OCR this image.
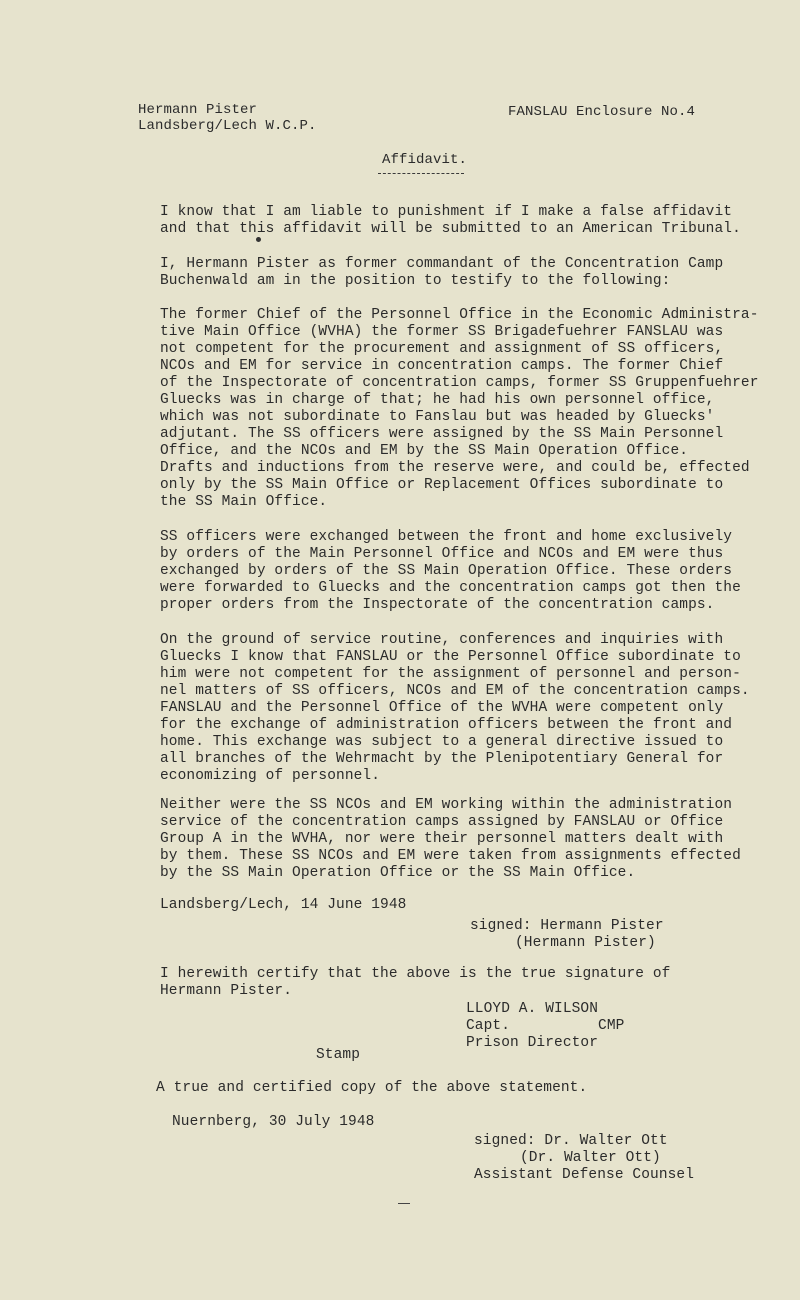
Hermann Pister
Landsberg/Lech W.C.P.
FANSLAU Enclosure No.4
Affidavit.
I know that I am liable to punishment if I make a false affidavit
and that this affidavit will be submitted to an American Tribunal.
I, Hermann Pister as former commandant of the Concentration Camp
Buchenwald am in the position to testify to the following:
The former Chief of the Personnel Office in the Economic Administra-
tive Main Office (WVHA) the former SS Brigadefuehrer FANSLAU was
not competent for the procurement and assignment of SS officers,
NCOs and EM for service in concentration camps. The former Chief
of the Inspectorate of concentration camps, former SS Gruppenfuehrer
Gluecks was in charge of that; he had his own personnel office,
which was not subordinate to Fanslau but was headed by Gluecks'
adjutant. The SS officers were assigned by the SS Main Personnel
Office, and the NCOs and EM by the SS Main Operation Office.
Drafts and inductions from the reserve were, and could be, effected
only by the SS Main Office or Replacement Offices subordinate to
the SS Main Office.
SS officers were exchanged between the front and home exclusively
by orders of the Main Personnel Office and NCOs and EM were thus
exchanged by orders of the SS Main Operation Office. These orders
were forwarded to Gluecks and the concentration camps got then the
proper orders from the Inspectorate of the concentration camps.
On the ground of service routine, conferences and inquiries with
Gluecks I know that FANSLAU or the Personnel Office subordinate to
him were not competent for the assignment of personnel and person-
nel matters of SS officers, NCOs and EM of the concentration camps.
FANSLAU and the Personnel Office of the WVHA were competent only
for the exchange of administration officers between the front and
home. This exchange was subject to a general directive issued to
all branches of the Wehrmacht by the Plenipotentiary General for
economizing of personnel.
Neither were the SS NCOs and EM working within the administration
service of the concentration camps assigned by FANSLAU or Office
Group A in the WVHA, nor were their personnel matters dealt with
by them. These SS NCOs and EM were taken from assignments effected
by the SS Main Operation Office or the SS Main Office.
Landsberg/Lech, 14 June 1948
signed: Hermann Pister
(Hermann Pister)
I herewith certify that the above is the true signature of
Hermann Pister.
LLOYD A. WILSON
Capt.          CMP
Prison Director
Stamp
A true and certified copy of the above statement.
Nuernberg, 30 July 1948
signed: Dr. Walter Ott
(Dr. Walter Ott)
Assistant Defense Counsel
